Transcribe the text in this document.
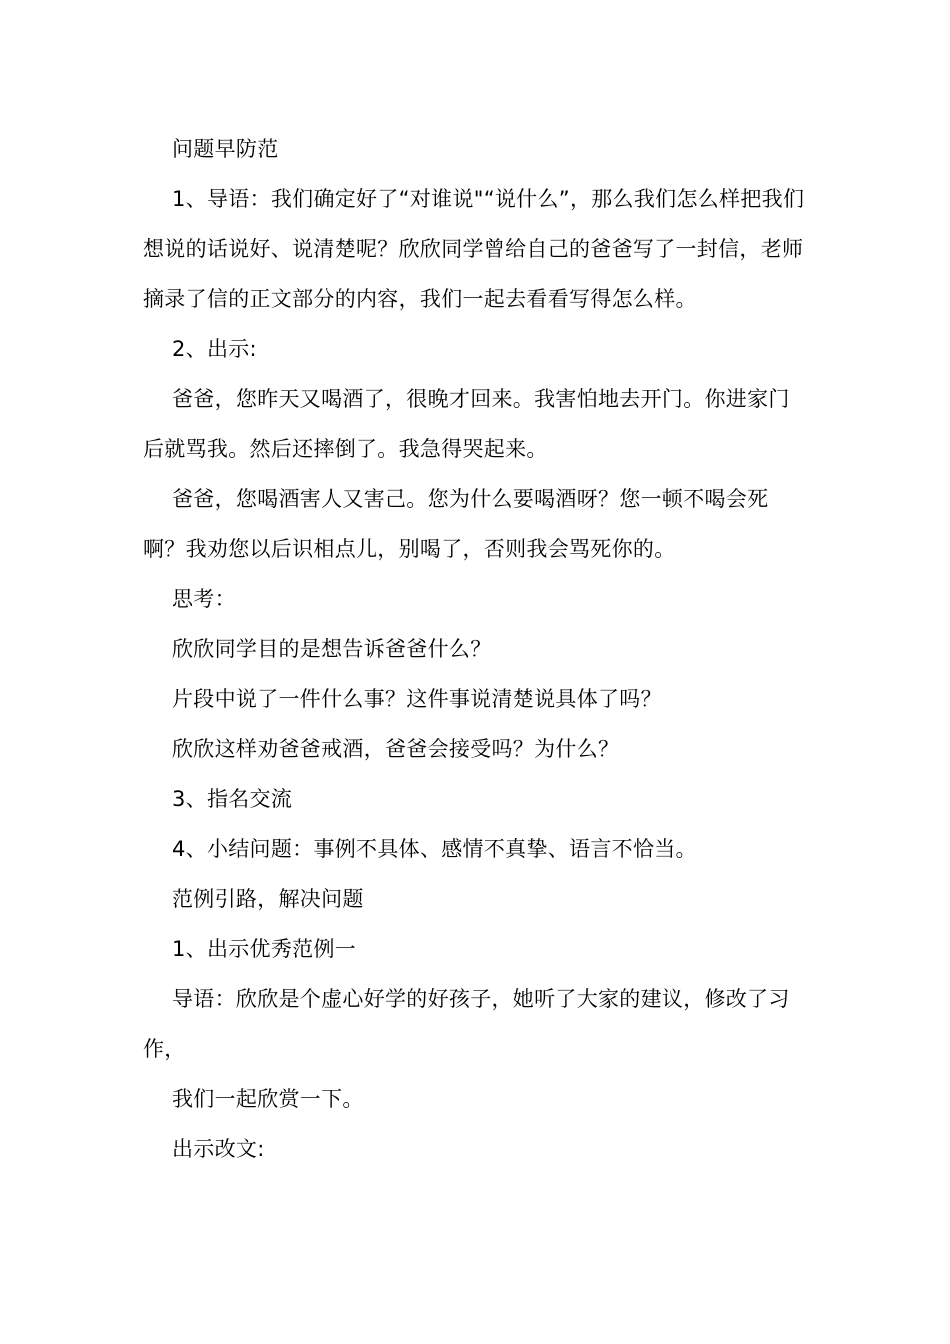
问题早防范

1、导语：我们确定好了“对谁说"“说什么”，那么我们怎么样把我们想说的话说好、说清楚呢？欣欣同学曾给自己的爸爸写了一封信，老师摘录了信的正文部分的内容，我们一起去看看写得怎么样。

2、出示:

爸爸，您昨天又喝酒了，很晚才回来。我害怕地去开门。你进家门后就骂我。然后还摔倒了。我急得哭起来。

爸爸，您喝酒害人又害己。您为什么要喝酒呀？您一顿不喝会死啊？我劝您以后识相点儿，别喝了，否则我会骂死你的。

思考：

欣欣同学目的是想告诉爸爸什么？

片段中说了一件什么事？这件事说清楚说具体了吗？

欣欣这样劝爸爸戒酒，爸爸会接受吗？为什么？

3、指名交流

4、小结问题：事例不具体、感情不真挚、语言不恰当。

范例引路，解决问题

1、出示优秀范例一

导语：欣欣是个虚心好学的好孩子，她听了大家的建议，修改了习作，

我们一起欣赏一下。

出示改文:
